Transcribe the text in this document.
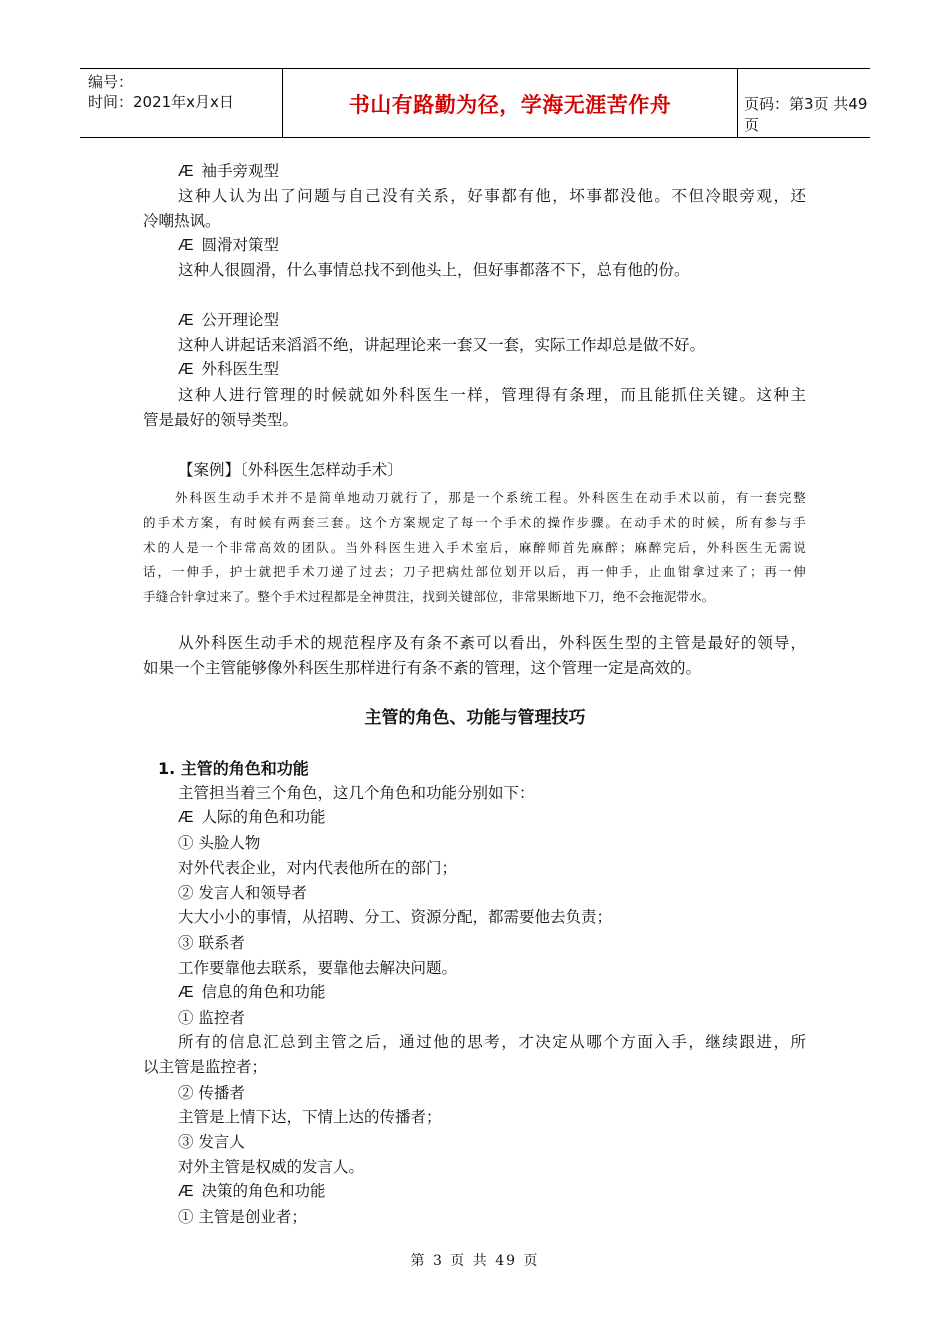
编号：
时间：2021年x月x日	书山有路勤为径，学海无涯苦作舟	页码：第3页 共49页
Æ 袖手旁观型
这种人认为出了问题与自己没有关系，好事都有他，坏事都没他。不但冷眼旁观，还
冷嘲热讽。
Æ 圆滑对策型
这种人很圆滑，什么事情总找不到他头上，但好事都落不下，总有他的份。
Æ 公开理论型
这种人讲起话来滔滔不绝，讲起理论来一套又一套，实际工作却总是做不好。
Æ 外科医生型
这种人进行管理的时候就如外科医生一样，管理得有条理，而且能抓住关键。这种主
管是最好的领导类型。
【案例】〔外科医生怎样动手术〕
外科医生动手术并不是简单地动刀就行了，那是一个系统工程。外科医生在动手术以前，有一套完整
的手术方案，有时候有两套三套。这个方案规定了每一个手术的操作步骤。在动手术的时候，所有参与手
术的人是一个非常高效的团队。当外科医生进入手术室后，麻醉师首先麻醉；麻醉完后，外科医生无需说
话，一伸手，护士就把手术刀递了过去；刀子把病灶部位划开以后，再一伸手，止血钳拿过来了；再一伸
手缝合针拿过来了。整个手术过程都是全神贯注，找到关键部位，非常果断地下刀，绝不会拖泥带水。
从外科医生动手术的规范程序及有条不紊可以看出，外科医生型的主管是最好的领导，
如果一个主管能够像外科医生那样进行有条不紊的管理，这个管理一定是高效的。
主管的角色、功能与管理技巧
1. 主管的角色和功能
主管担当着三个角色，这几个角色和功能分别如下：
Æ 人际的角色和功能
① 头脸人物
对外代表企业，对内代表他所在的部门；
② 发言人和领导者
大大小小的事情，从招聘、分工、资源分配，都需要他去负责；
③ 联系者
工作要靠他去联系，要靠他去解决问题。
Æ 信息的角色和功能
① 监控者
所有的信息汇总到主管之后，通过他的思考，才决定从哪个方面入手，继续跟进，所
以主管是监控者；
② 传播者
主管是上情下达，下情上达的传播者；
③ 发言人
对外主管是权威的发言人。
Æ 决策的角色和功能
① 主管是创业者；
第 3 页 共 49 页
